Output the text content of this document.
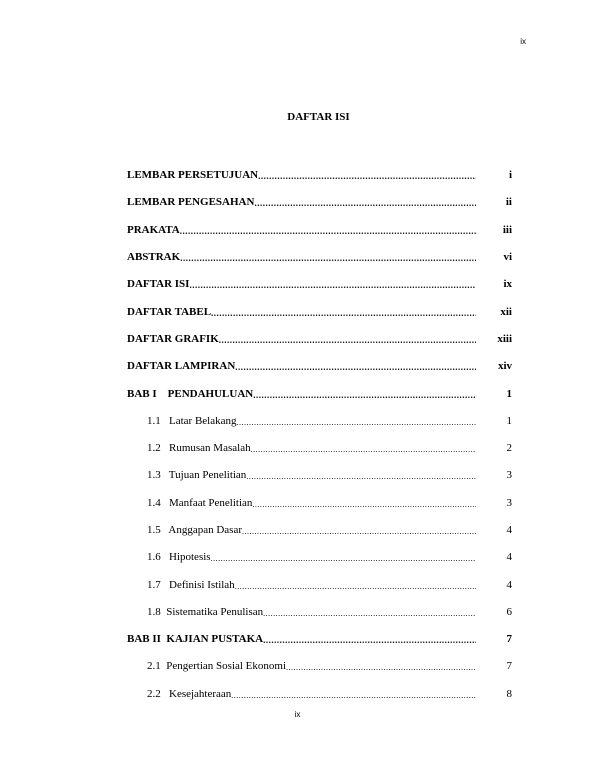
ix
DAFTAR ISI
LEMBAR PERSETUJUAN .....	i
LEMBAR PENGESAHAN .....	ii
PRAKATA .....	iii
ABSTRAK .....	vi
DAFTAR ISI .....	ix
DAFTAR TABEL .....	xii
DAFTAR GRAFIK .....	xiii
DAFTAR LAMPIRAN .....	xiv
BAB I    PENDAHULUAN .....	1
1.1   Latar Belakang .....	1
1.2   Rumusan Masalah .....	2
1.3   Tujuan Penelitian .....	3
1.4   Manfaat Penelitian .....	3
1.5   Anggapan Dasar .....	4
1.6   Hipotesis .....	4
1.7   Definisi Istilah .....	4
1.8  Sistematika Penulisan .....	6
BAB II  KAJIAN PUSTAKA .....	7
2.1  Pengertian Sosial Ekonomi .....	7
2.2   Kesejahteraan .....	8
ix
